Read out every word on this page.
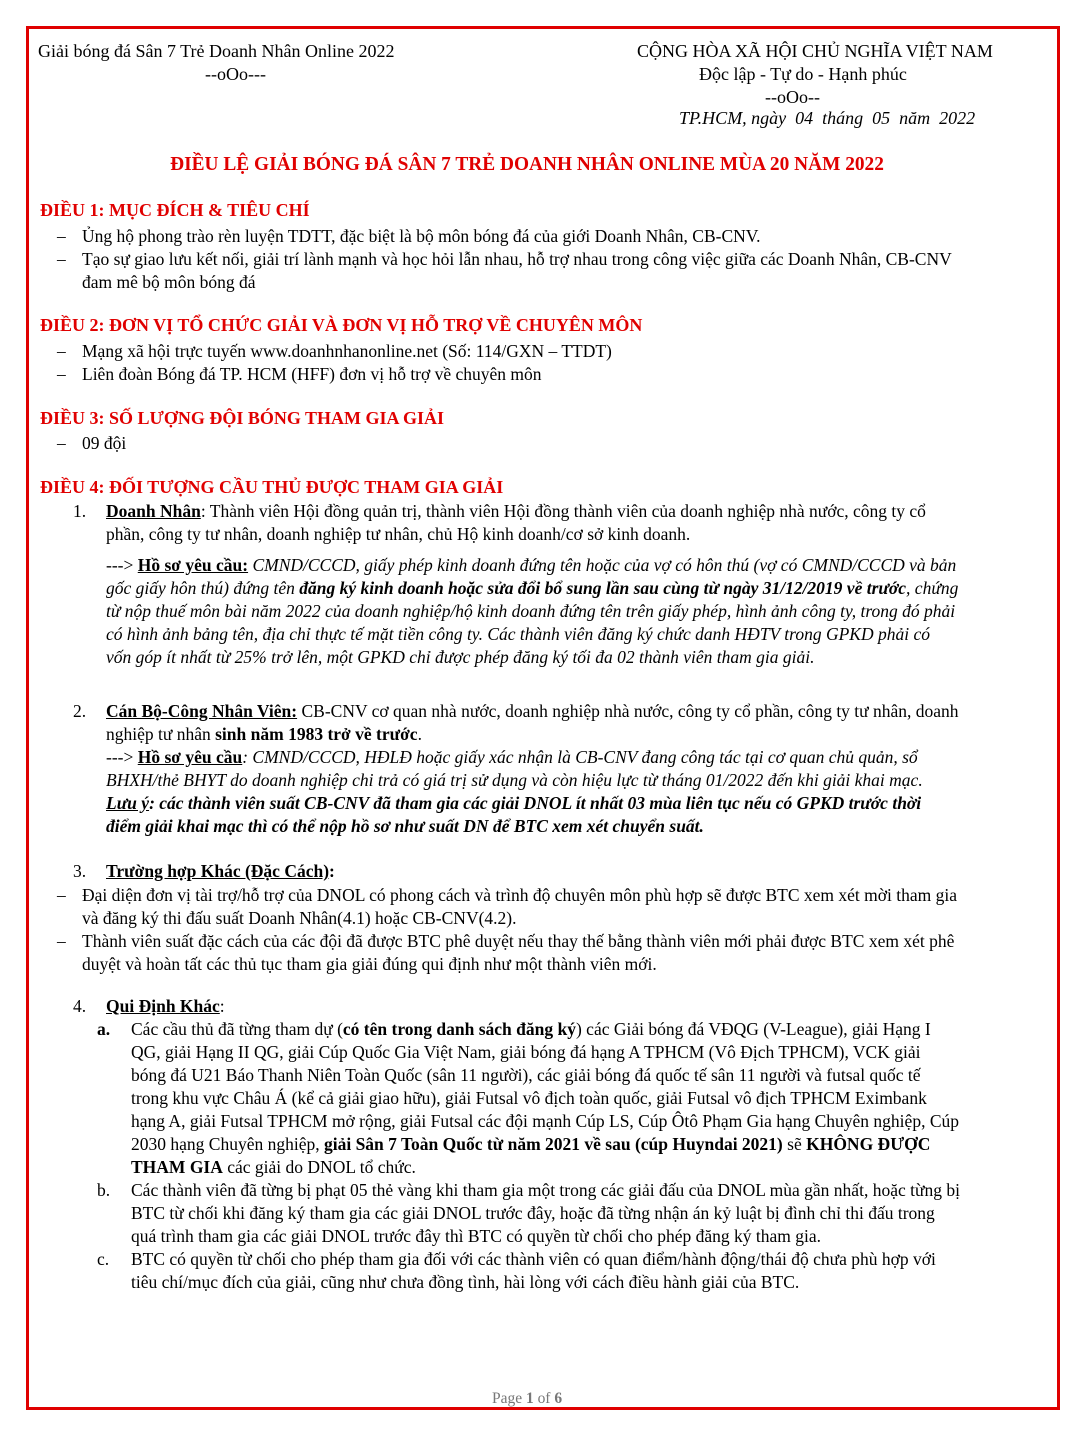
Giải bóng đá Sân 7 Trẻ Doanh Nhân Online 2022
--oOo---
CỘNG HÒA XÃ HỘI CHỦ NGHĨA VIỆT NAM
Độc lập - Tự do - Hạnh phúc
--oOo--
TP.HCM, ngày  04  tháng  05  năm  2022
ĐIỀU LỆ GIẢI BÓNG ĐÁ SÂN 7 TRẺ DOANH NHÂN ONLINE MÙA 20 NĂM 2022
ĐIỀU 1: MỤC ĐÍCH & TIÊU CHÍ
– Ủng hộ phong trào rèn luyện TDTT, đặc biệt là bộ môn bóng đá của giới Doanh Nhân, CB-CNV.
– Tạo sự giao lưu kết nối, giải trí lành mạnh và học hỏi lẫn nhau, hỗ trợ nhau trong công việc giữa các Doanh Nhân, CB-CNV
đam mê bộ môn bóng đá
ĐIỀU 2: ĐƠN VỊ TỔ CHỨC GIẢI VÀ ĐƠN VỊ HỖ TRỢ VỀ CHUYÊN MÔN
– Mạng xã hội trực tuyến www.doanhnhanonline.net (Số: 114/GXN – TTDT)
– Liên đoàn Bóng đá TP. HCM (HFF) đơn vị hỗ trợ về chuyên môn
ĐIỀU 3: SỐ LƯỢNG ĐỘI BÓNG THAM GIA GIẢI
– 09 đội
ĐIỀU 4: ĐỐI TƯỢNG CẦU THỦ ĐƯỢC THAM GIA GIẢI
1. Doanh Nhân: Thành viên Hội đồng quản trị, thành viên Hội đồng thành viên của doanh nghiệp nhà nước, công ty cổ
phần, công ty tư nhân, doanh nghiệp tư nhân, chủ Hộ kinh doanh/cơ sở kinh doanh.
---> Hồ sơ yêu cầu: CMND/CCCD, giấy phép kinh doanh đứng tên hoặc của vợ có hôn thú (vợ có CMND/CCCD và bản
gốc giấy hôn thú) đứng tên đăng ký kinh doanh hoặc sửa đổi bổ sung lần sau cùng từ ngày 31/12/2019 về trước, chứng
từ nộp thuế môn bài năm 2022 của doanh nghiệp/hộ kinh doanh đứng tên trên giấy phép, hình ảnh công ty, trong đó phải
có hình ảnh bảng tên, địa chỉ thực tế mặt tiền công ty. Các thành viên đăng ký chức danh HĐTV trong GPKD phải có
vốn góp ít nhất từ 25% trở lên, một GPKD chỉ được phép đăng ký tối đa 02 thành viên tham gia giải.
2. Cán Bộ-Công Nhân Viên: CB-CNV cơ quan nhà nước, doanh nghiệp nhà nước, công ty cổ phần, công ty tư nhân, doanh
nghiệp tư nhân sinh năm 1983 trở về trước.
---> Hồ sơ yêu cầu: CMND/CCCD, HĐLĐ hoặc giấy xác nhận là CB-CNV đang công tác tại cơ quan chủ quản, sổ
BHXH/thẻ BHYT do doanh nghiệp chi trả có giá trị sử dụng và còn hiệu lực từ tháng 01/2022 đến khi giải khai mạc.
Lưu ý: các thành viên suất CB-CNV đã tham gia các giải DNOL ít nhất 03 mùa liên tục nếu có GPKD trước thời
điểm giải khai mạc thì có thể nộp hồ sơ như suất DN để BTC xem xét chuyển suất.
3. Trường hợp Khác (Đặc Cách):
– Đại diện đơn vị tài trợ/hỗ trợ của DNOL có phong cách và trình độ chuyên môn phù hợp sẽ được BTC xem xét mời tham gia
và đăng ký thi đấu suất Doanh Nhân(4.1) hoặc CB-CNV(4.2).
– Thành viên suất đặc cách của các đội đã được BTC phê duyệt nếu thay thế bằng thành viên mới phải được BTC xem xét phê
duyệt và hoàn tất các thủ tục tham gia giải đúng qui định như một thành viên mới.
4. Qui Định Khác:
a. Các cầu thủ đã từng tham dự (có tên trong danh sách đăng ký) các Giải bóng đá VĐQG (V-League), giải Hạng I
QG, giải Hạng II QG, giải Cúp Quốc Gia Việt Nam, giải bóng đá hạng A TPHCM (Vô Địch TPHCM), VCK giải
bóng đá U21 Báo Thanh Niên Toàn Quốc (sân 11 người), các giải bóng đá quốc tế sân 11 người và futsal quốc tế
trong khu vực Châu Á (kể cả giải giao hữu), giải Futsal vô địch toàn quốc, giải Futsal vô địch TPHCM Eximbank
hạng A, giải Futsal TPHCM mở rộng, giải Futsal các đội mạnh Cúp LS, Cúp Ôtô Phạm Gia hạng Chuyên nghiệp, Cúp
2030 hạng Chuyên nghiệp, giải Sân 7 Toàn Quốc từ năm 2021 về sau (cúp Huyndai 2021) sẽ KHÔNG ĐƯỢC
THAM GIA các giải do DNOL tổ chức.
b. Các thành viên đã từng bị phạt 05 thẻ vàng khi tham gia một trong các giải đấu của DNOL mùa gần nhất, hoặc từng bị
BTC từ chối khi đăng ký tham gia các giải DNOL trước đây, hoặc đã từng nhận án kỷ luật bị đình chỉ thi đấu trong
quá trình tham gia các giải DNOL trước đây thì BTC có quyền từ chối cho phép đăng ký tham gia.
c. BTC có quyền từ chối cho phép tham gia đối với các thành viên có quan điểm/hành động/thái độ chưa phù hợp với
tiêu chí/mục đích của giải, cũng như chưa đồng tình, hài lòng với cách điều hành giải của BTC.
Page 1 of 6
